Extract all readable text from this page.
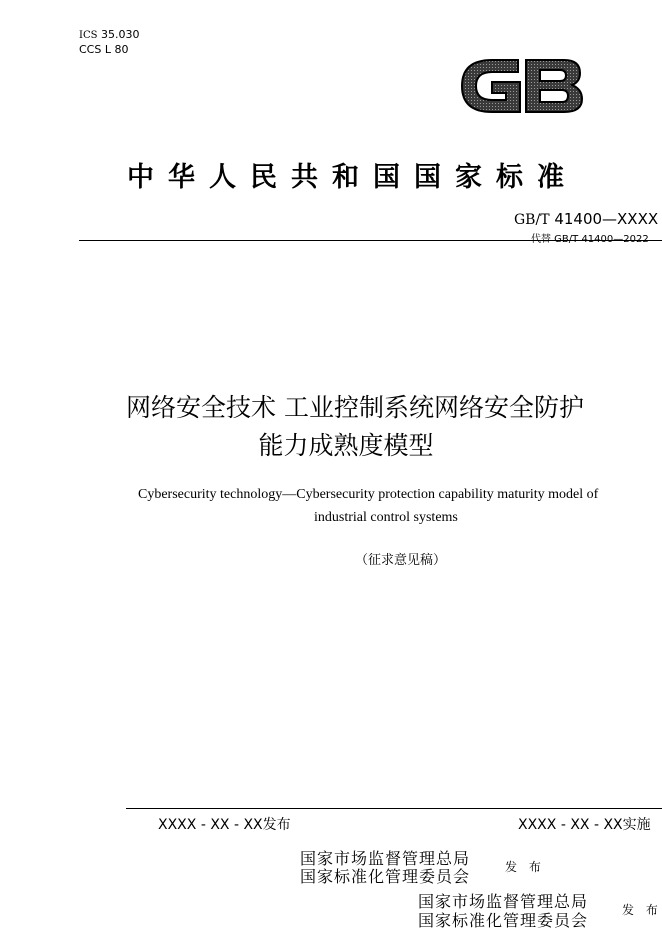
ICS 35.030
CCS L 80
中华人民共和国国家标准
GB/T 41400—XXXX
代替 GB/T 41400—2022
网络安全技术 工业控制系统网络安全防护
能力成熟度模型
Cybersecurity technology—Cybersecurity protection capability maturity model of
industrial control systems
（征求意见稿）
XXXX - XX - XX发布	XXXX - XX - XX实施
国家市场监督管理总局
国家标准化管理委员会	发 布
国家市场监督管理总局
国家标准化管理委员会
发 布
